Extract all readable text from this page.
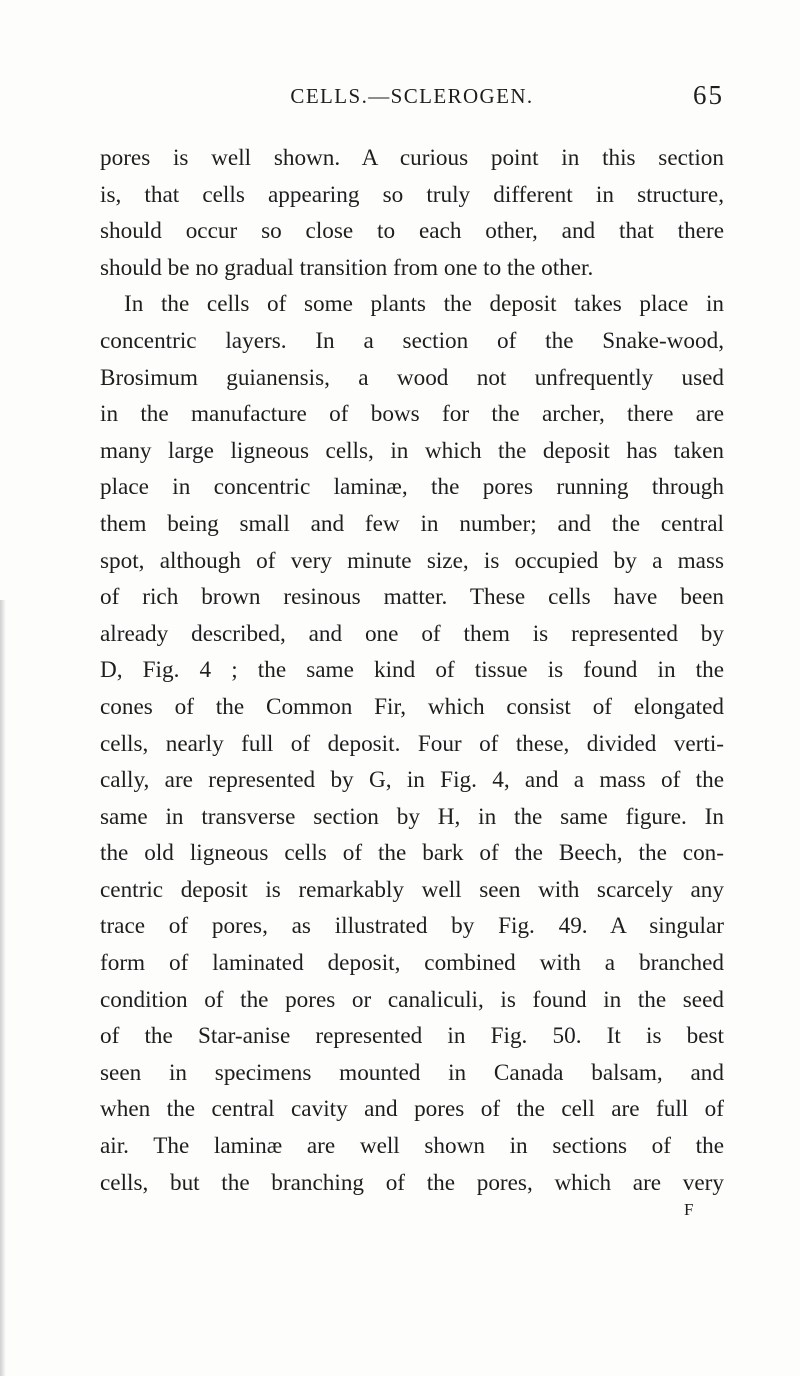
CELLS.—SCLEROGEN.	65
pores is well shown. A curious point in this section
is, that cells appearing so truly different in structure,
should occur so close to each other, and that there
should be no gradual transition from one to the other.
In the cells of some plants the deposit takes place in
concentric layers. In a section of the Snake-wood,
Brosimum guianensis, a wood not unfrequently used
in the manufacture of bows for the archer, there are
many large ligneous cells, in which the deposit has taken
place in concentric laminæ, the pores running through
them being small and few in number; and the central
spot, although of very minute size, is occupied by a mass
of rich brown resinous matter. These cells have been
already described, and one of them is represented by
D, Fig. 4 ; the same kind of tissue is found in the
cones of the Common Fir, which consist of elongated
cells, nearly full of deposit. Four of these, divided verti-
cally, are represented by G, in Fig. 4, and a mass of the
same in transverse section by H, in the same figure. In
the old ligneous cells of the bark of the Beech, the con-
centric deposit is remarkably well seen with scarcely any
trace of pores, as illustrated by Fig. 49. A singular
form of laminated deposit, combined with a branched
condition of the pores or canaliculi, is found in the seed
of the Star-anise represented in Fig. 50. It is best
seen in specimens mounted in Canada balsam, and
when the central cavity and pores of the cell are full of
air. The laminæ are well shown in sections of the
cells, but the branching of the pores, which are very
F
